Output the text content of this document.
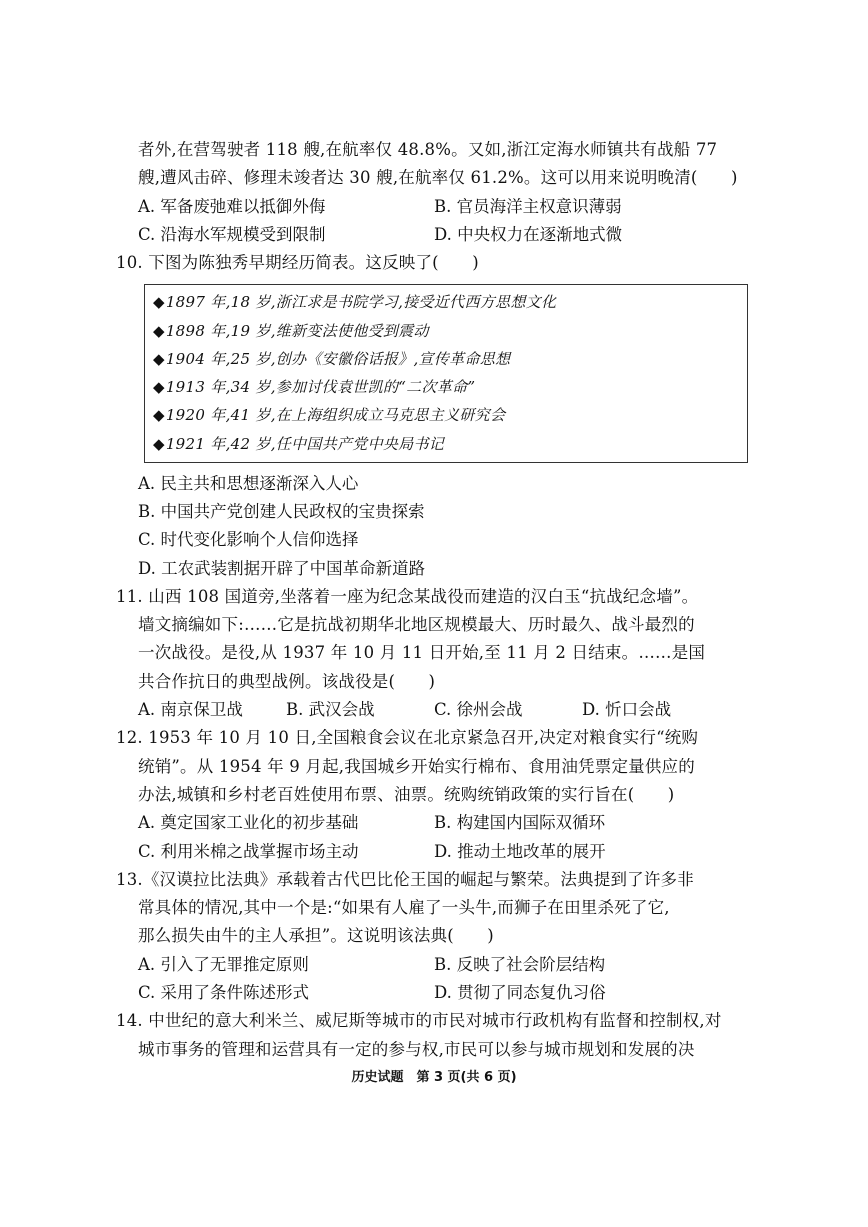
者外,在营驾驶者 118 艘,在航率仅 48.8%。又如,浙江定海水师镇共有战船 77
艘,遭风击碎、修理未竣者达 30 艘,在航率仅 61.2%。这可以用来说明晚清(　　)
A. 军备废弛难以抵御外侮	B. 官员海洋主权意识薄弱
C. 沿海水军规模受到限制	D. 中央权力在逐渐地式微
10. 下图为陈独秀早期经历简表。这反映了(　　)
◆1897 年,18 岁,浙江求是书院学习,接受近代西方思想文化
◆1898 年,19 岁,维新变法使他受到震动
◆1904 年,25 岁,创办《安徽俗话报》,宣传革命思想
◆1913 年,34 岁,参加讨伐袁世凯的“二次革命”
◆1920 年,41 岁,在上海组织成立马克思主义研究会
◆1921 年,42 岁,任中国共产党中央局书记
A. 民主共和思想逐渐深入人心
B. 中国共产党创建人民政权的宝贵探索
C. 时代变化影响个人信仰选择
D. 工农武装割据开辟了中国革命新道路
11. 山西 108 国道旁,坐落着一座为纪念某战役而建造的汉白玉“抗战纪念墙”。
墙文摘编如下:……它是抗战初期华北地区规模最大、历时最久、战斗最烈的
一次战役。是役,从 1937 年 10 月 11 日开始,至 11 月 2 日结束。……是国
共合作抗日的典型战例。该战役是(　　)
A. 南京保卫战	B. 武汉会战	C. 徐州会战	D. 忻口会战
12. 1953 年 10 月 10 日,全国粮食会议在北京紧急召开,决定对粮食实行“统购
统销”。从 1954 年 9 月起,我国城乡开始实行棉布、食用油凭票定量供应的
办法,城镇和乡村老百姓使用布票、油票。统购统销政策的实行旨在(　　)
A. 奠定国家工业化的初步基础	B. 构建国内国际双循环
C. 利用米棉之战掌握市场主动	D. 推动土地改革的展开
13.《汉谟拉比法典》承载着古代巴比伦王国的崛起与繁荣。法典提到了许多非
常具体的情况,其中一个是:“如果有人雇了一头牛,而狮子在田里杀死了它,
那么损失由牛的主人承担”。这说明该法典(　　)
A. 引入了无罪推定原则	B. 反映了社会阶层结构
C. 采用了条件陈述形式	D. 贯彻了同态复仇习俗
14. 中世纪的意大利米兰、威尼斯等城市的市民对城市行政机构有监督和控制权,对
城市事务的管理和运营具有一定的参与权,市民可以参与城市规划和发展的决
历史试题　第 3 页(共 6 页)
